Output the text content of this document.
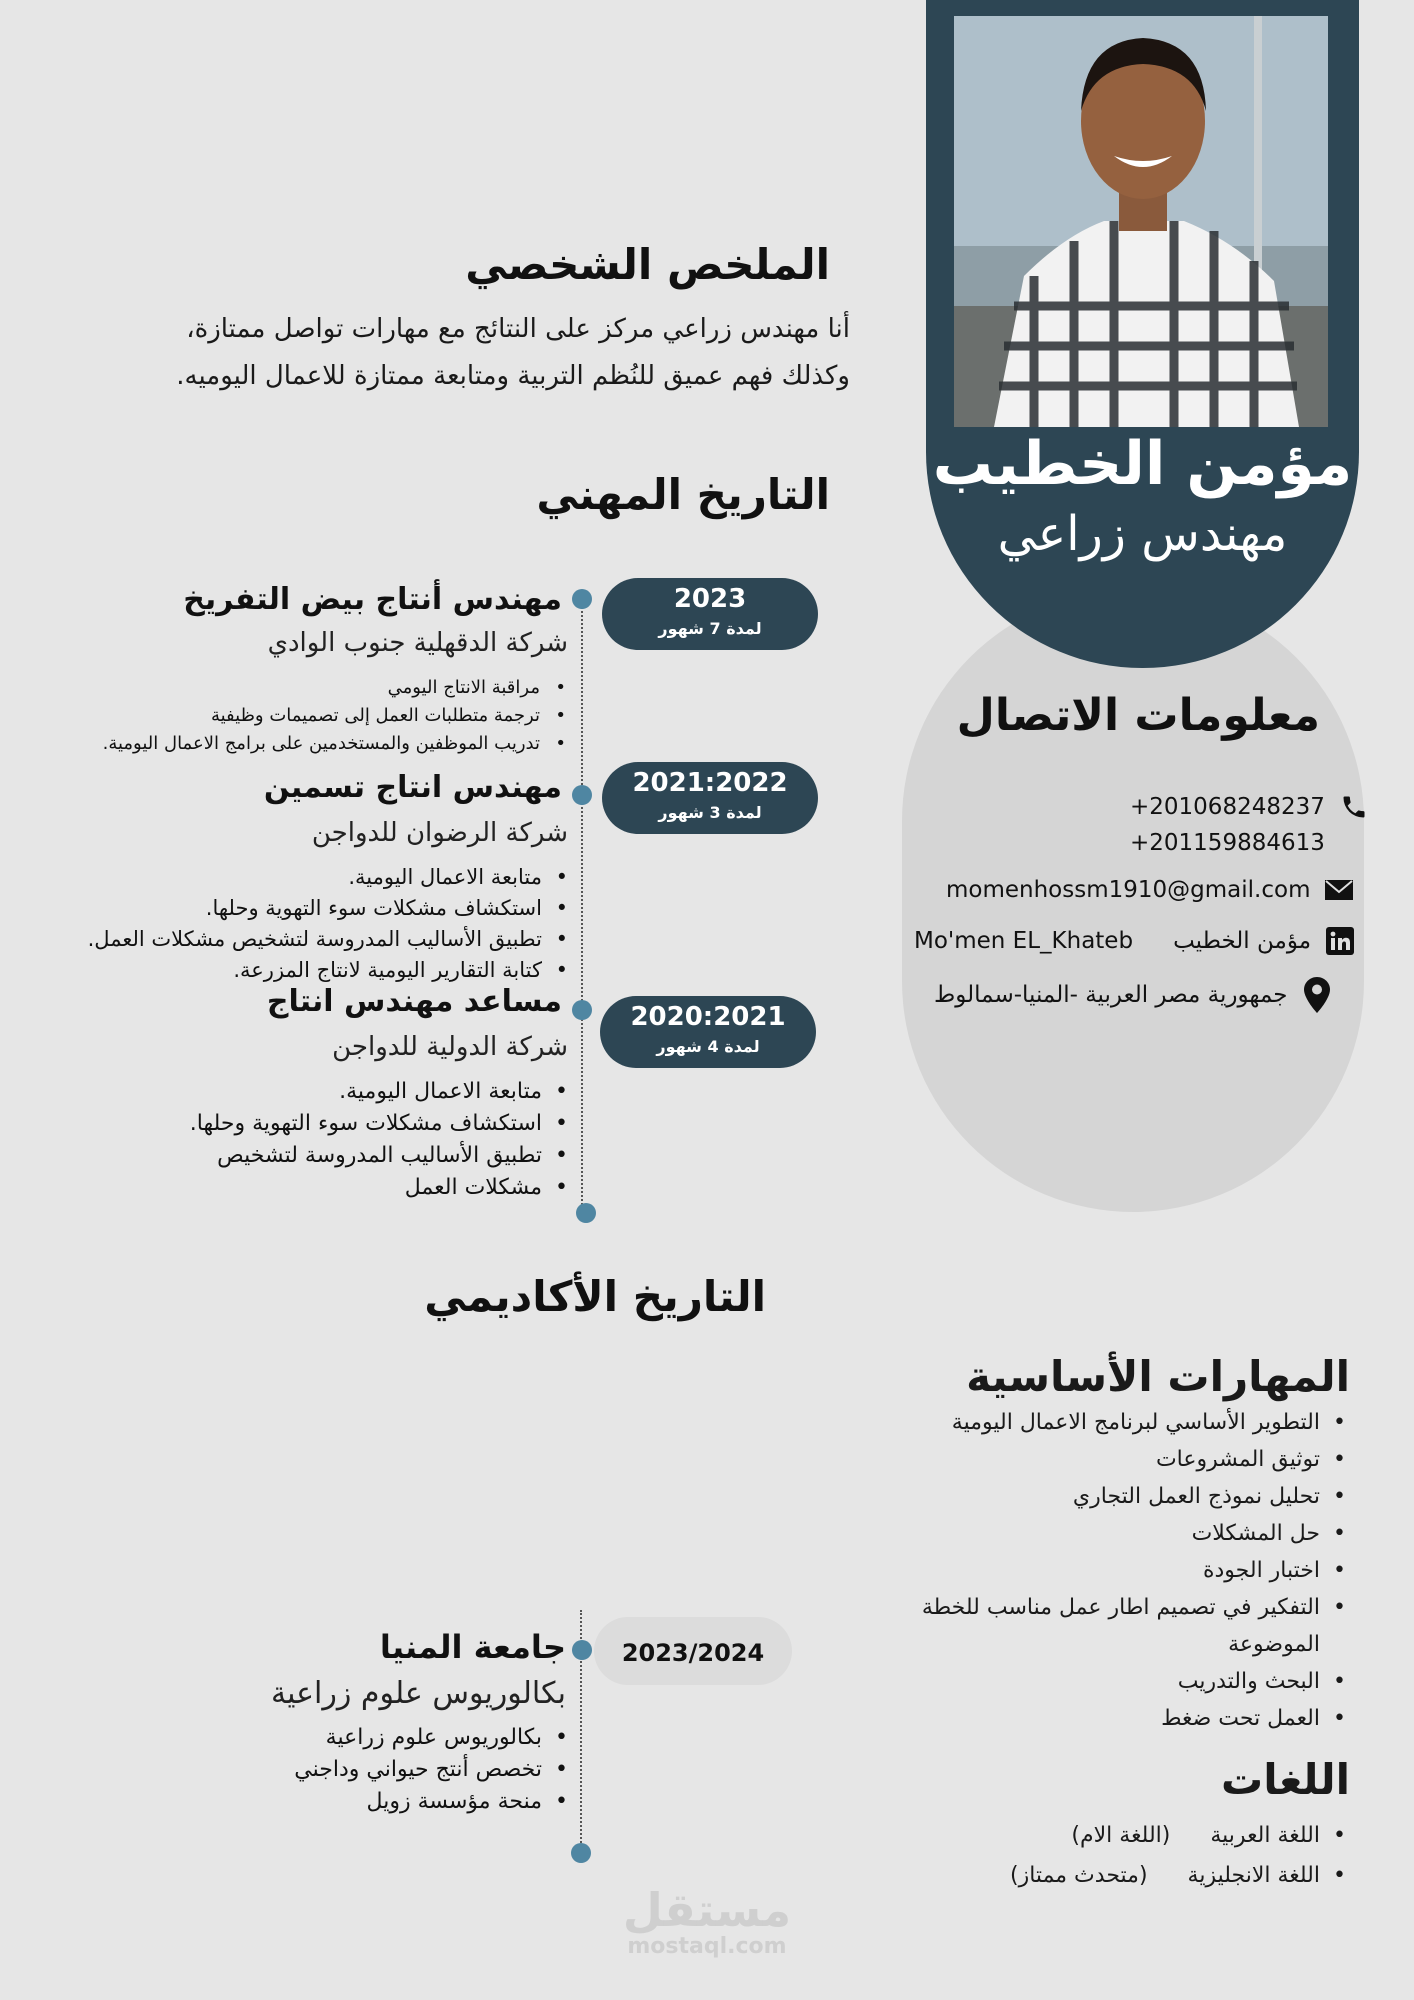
مؤمن الخطيب
مهندس زراعي
معلومات الاتصال
+201068248237
+201159884613
momenhossm1910@gmail.com
Mo'men EL_Khateb مؤمن الخطيب
جمهورية مصر العربية -المنيا-سمالوط
المهارات الأساسية
• التطوير الأساسي لبرنامج الاعمال اليومية
• توثيق المشروعات
• تحليل نموذج العمل التجاري
• حل المشكلات
• اختبار الجودة
• التفكير في تصميم اطار عمل مناسب للخطة الموضوعة
• البحث والتدريب
• العمل تحت ضغط
اللغات
• اللغة العربية
(اللغة الام)
• اللغة الانجليزية
(متحدث ممتاز)
الملخص الشخصي
أنا مهندس زراعي مركز على النتائج مع مهارات تواصل ممتازة،
وكذلك فهم عميق للنُظم التربية ومتابعة ممتازة للاعمال اليوميه.
التاريخ المهني
2023
لمدة 7 شهور
مهندس أنتاج بيض التفريخ
شركة الدقهلية جنوب الوادي
• مراقبة الانتاج اليومي
• ترجمة متطلبات العمل إلى تصميمات وظيفية
• تدريب الموظفين والمستخدمين على برامج الاعمال اليومية.
2021:2022
لمدة 3 شهور
مهندس انتاج تسمين
شركة الرضوان للدواجن
• متابعة الاعمال اليومية.
• استكشاف مشكلات سوء التهوية وحلها.
• تطبيق الأساليب المدروسة لتشخيص مشكلات العمل.
• كتابة التقارير اليومية لانتاج المزرعة.
2020:2021
لمدة 4 شهور
مساعد مهندس انتاج
شركة الدولية للدواجن
• متابعة الاعمال اليومية.
• استكشاف مشكلات سوء التهوية وحلها.
• تطبيق الأساليب المدروسة لتشخيص
• مشكلات العمل
التاريخ الأكاديمي
2023/2024
جامعة المنيا
بكالوريوس علوم زراعية
• بكالوريوس علوم زراعية
• تخصص أنتج حيواني وداجني
• منحة مؤسسة زويل
مستقل
mostaql.com
